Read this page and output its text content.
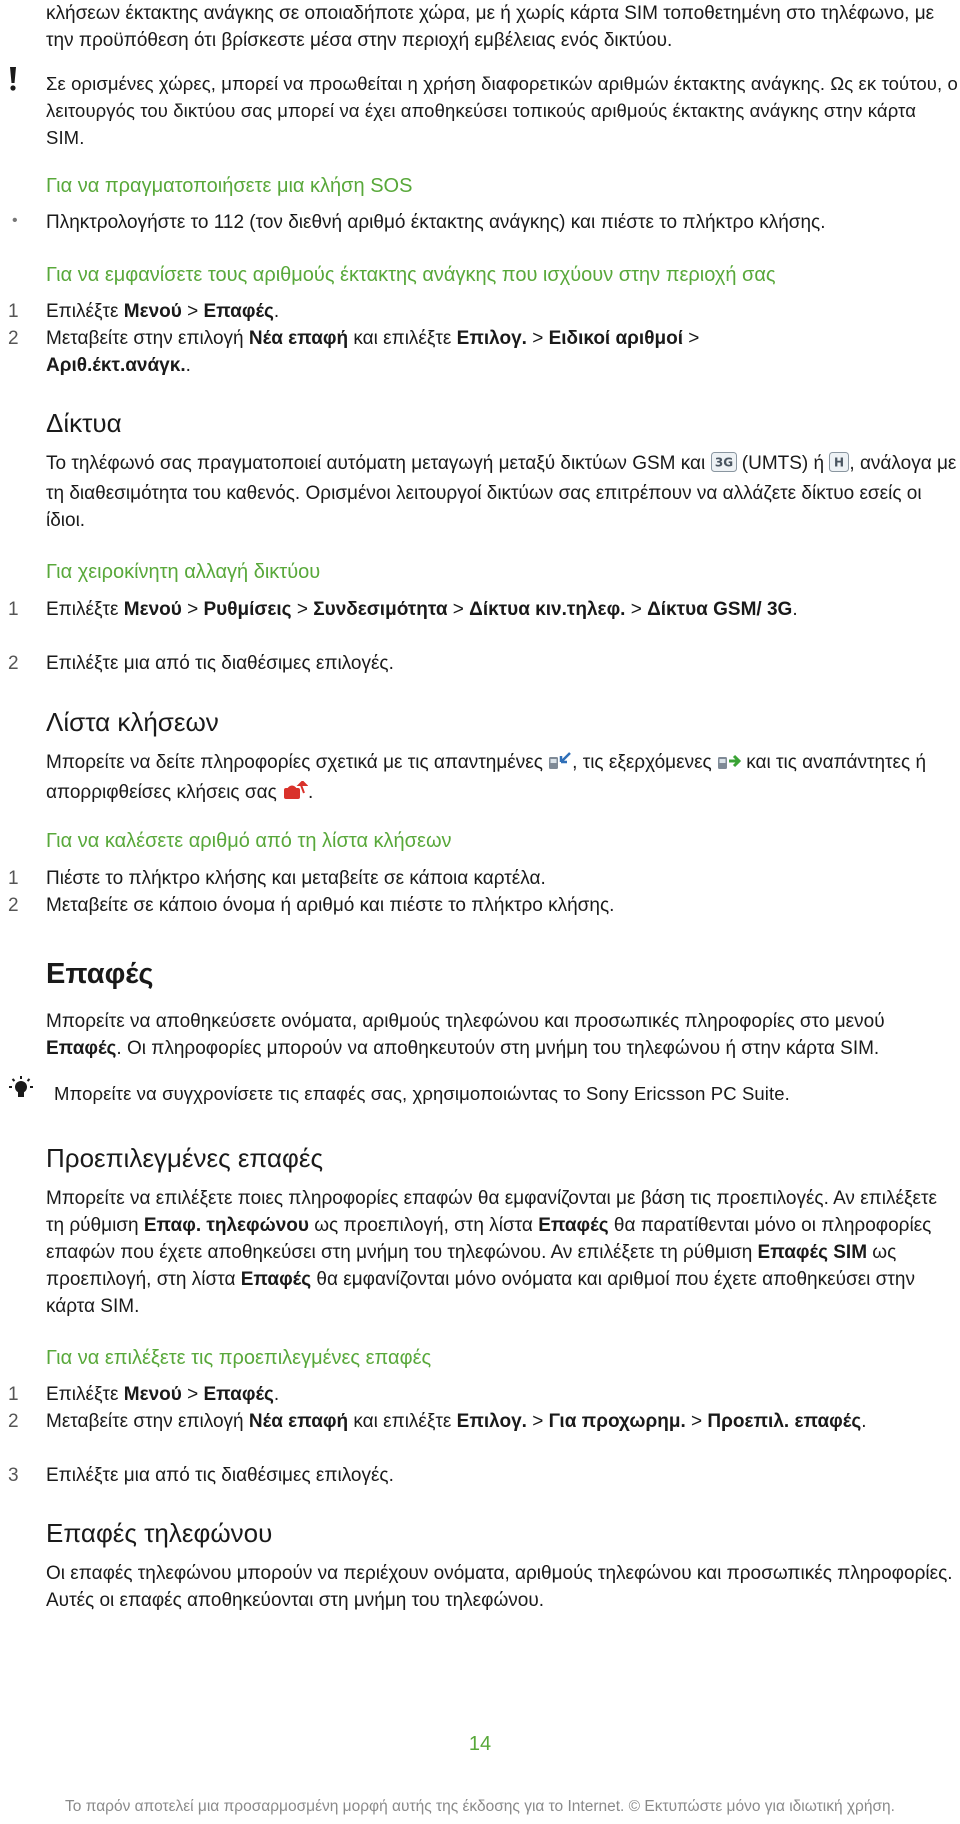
κλήσεων έκτακτης ανάγκης σε οποιαδήποτε χώρα, με ή χωρίς κάρτα SIM τοποθετημένη στο τηλέφωνο, με την προϋπόθεση ότι βρίσκεστε μέσα στην περιοχή εμβέλειας ενός δικτύου.

Σε ορισμένες χώρες, μπορεί να προωθείται η χρήση διαφορετικών αριθμών έκτακτης ανάγκης. Ως εκ τούτου, ο λειτουργός του δικτύου σας μπορεί να έχει αποθηκεύσει τοπικούς αριθμούς έκτακτης ανάγκης στην κάρτα SIM.

Για να πραγματοποιήσετε μια κλήση SOS
• Πληκτρολογήστε το 112 (τον διεθνή αριθμό έκτακτης ανάγκης) και πιέστε το πλήκτρο κλήσης.

Για να εμφανίσετε τους αριθμούς έκτακτης ανάγκης που ισχύουν στην περιοχή σας
1 Επιλέξτε Μενού > Επαφές.

2 Μεταβείτε στην επιλογή Νέα επαφή και επιλέξτε Επιλογ. > Ειδικοί αριθμοί > Αριθ.έκτ.ανάγκ..

Δίκτυα

Το τηλέφωνό σας πραγματοποιεί αυτόματη μεταγωγή μεταξύ δικτύων GSM και 3G (UMTS) ή H , ανάλογα με τη διαθεσιμότητα του καθενός. Ορισμένοι λειτουργοί δικτύων σας επιτρέπουν να αλλάζετε δίκτυο εσείς οι ίδιοι.

Για χειροκίνητη αλλαγή δικτύου
1 Επιλέξτε Μενού > Ρυθμίσεις > Συνδεσιμότητα > Δίκτυα κιν.τηλεφ. > Δίκτυα GSM/ 3G.

2 Επιλέξτε μια από τις διαθέσιμες επιλογές.

Λίστα κλήσεων

Μπορείτε να δείτε πληροφορίες σχετικά με τις απαντημένες , τις εξερχόμενες  και τις αναπάντητες ή απορριφθείσες κλήσεις σας .

Για να καλέσετε αριθμό από τη λίστα κλήσεων
1 Πιέστε το πλήκτρο κλήσης και μεταβείτε σε κάποια καρτέλα.

2 Μεταβείτε σε κάποιο όνομα ή αριθμό και πιέστε το πλήκτρο κλήσης.

Επαφές

Μπορείτε να αποθηκεύσετε ονόματα, αριθμούς τηλεφώνου και προσωπικές πληροφορίες στο μενού Επαφές. Οι πληροφορίες μπορούν να αποθηκευτούν στη μνήμη του τηλεφώνου ή στην κάρτα SIM.

Μπορείτε να συγχρονίσετε τις επαφές σας, χρησιμοποιώντας το Sony Ericsson PC Suite.

Προεπιλεγμένες επαφές

Μπορείτε να επιλέξετε ποιες πληροφορίες επαφών θα εμφανίζονται με βάση τις προεπιλογές. Αν επιλέξετε τη ρύθμιση Επαφ. τηλεφώνου ως προεπιλογή, στη λίστα Επαφές θα παρατίθενται μόνο οι πληροφορίες επαφών που έχετε αποθηκεύσει στη μνήμη του τηλεφώνου. Αν επιλέξετε τη ρύθμιση Επαφές SIM ως προεπιλογή, στη λίστα Επαφές θα εμφανίζονται μόνο ονόματα και αριθμοί που έχετε αποθηκεύσει στην κάρτα SIM.

Για να επιλέξετε τις προεπιλεγμένες επαφές
1 Επιλέξτε Μενού > Επαφές.

2 Μεταβείτε στην επιλογή Νέα επαφή και επιλέξτε Επιλογ. > Για προχωρημ. > Προεπιλ. επαφές.

3 Επιλέξτε μια από τις διαθέσιμες επιλογές.

Επαφές τηλεφώνου

Οι επαφές τηλεφώνου μπορούν να περιέχουν ονόματα, αριθμούς τηλεφώνου και προσωπικές πληροφορίες. Αυτές οι επαφές αποθηκεύονται στη μνήμη του τηλεφώνου.

14
Το παρόν αποτελεί μια προσαρμοσμένη μορφή αυτής της έκδοσης για το Internet. © Εκτυπώστε μόνο για ιδιωτική χρήση.
